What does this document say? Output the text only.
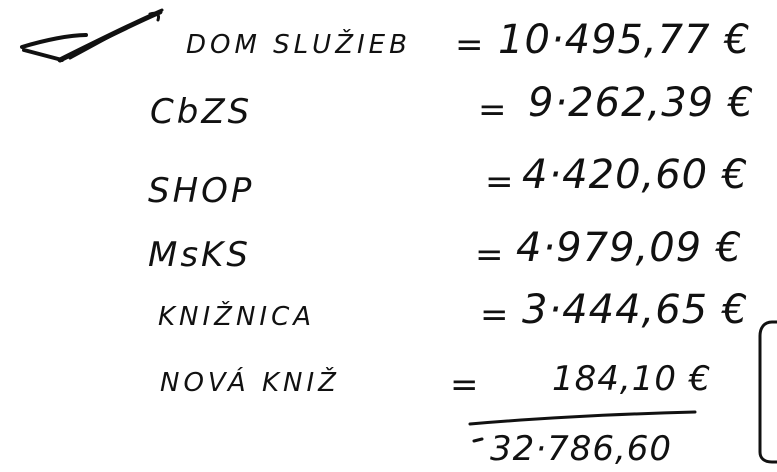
DOM SLUŽIEB = 10·495,77 €
CbZS	= 9·262,39 €
SHOP	= 4·420,60 €
MsKS	= 4·979,09 €
KNIŽNICA	= 3·444,65 €
NOVÁ KNIŽ	= 184,10 €
32·786,60
